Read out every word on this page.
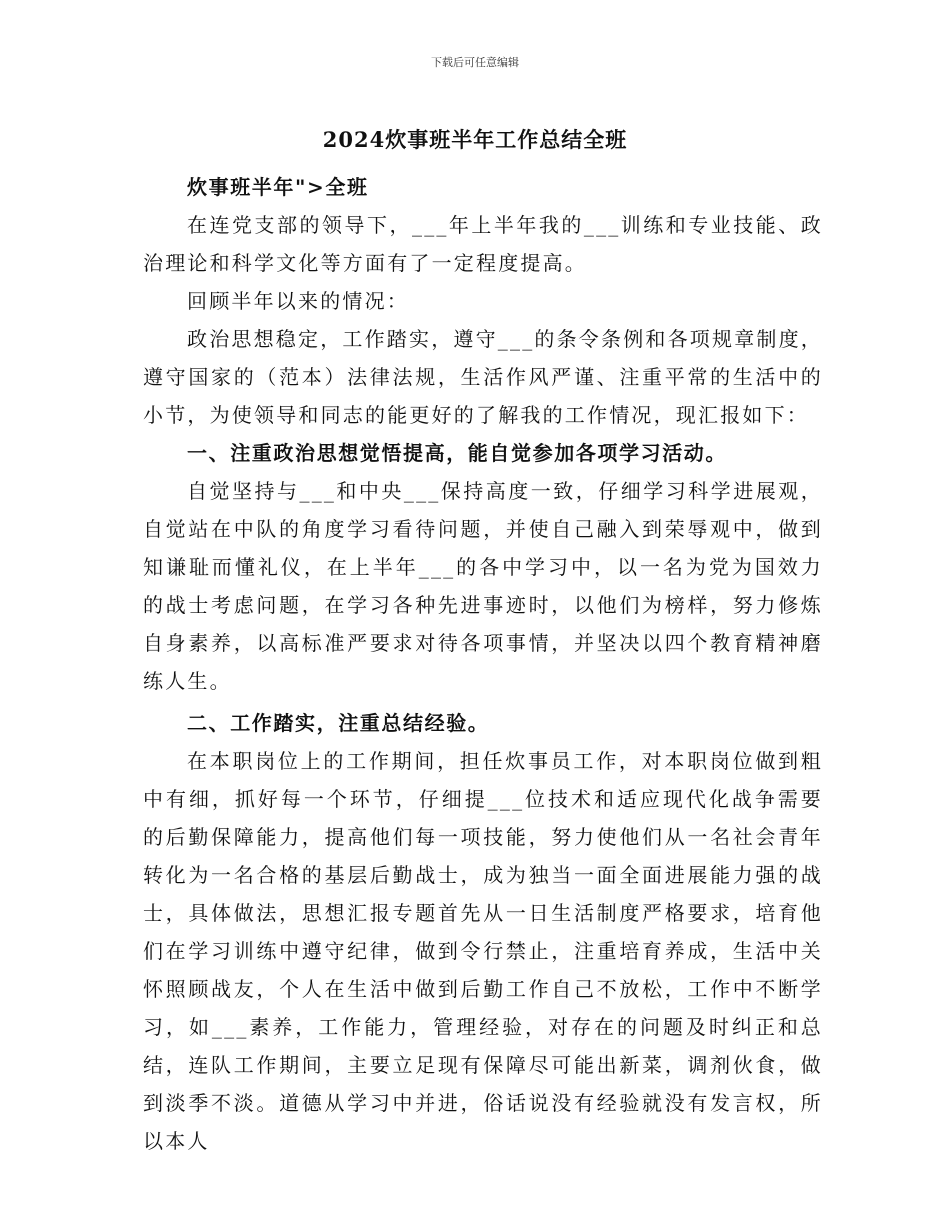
下载后可任意编辑
2024炊事班半年工作总结全班

炊事班半年">全班

在连党支部的领导下，___年上半年我的___训练和专业技能、政治理论和科学文化等方面有了一定程度提高。

回顾半年以来的情况：

政治思想稳定，工作踏实，遵守___的条令条例和各项规章制度，遵守国家的（范本）法律法规，生活作风严谨、注重平常的生活中的小节，为使领导和同志的能更好的了解我的工作情况，现汇报如下：

一、注重政治思想觉悟提高，能自觉参加各项学习活动。

自觉坚持与___和中央___保持高度一致，仔细学习科学进展观，自觉站在中队的角度学习看待问题，并使自己融入到荣辱观中，做到知谦耻而懂礼仪，在上半年___的各中学习中，以一名为党为国效力的战士考虑问题，在学习各种先进事迹时，以他们为榜样，努力修炼自身素养，以高标准严要求对待各项事情，并坚决以四个教育精神磨练人生。

二、工作踏实，注重总结经验。

在本职岗位上的工作期间，担任炊事员工作，对本职岗位做到粗中有细，抓好每一个环节，仔细提___位技术和适应现代化战争需要的后勤保障能力，提高他们每一项技能，努力使他们从一名社会青年转化为一名合格的基层后勤战士，成为独当一面全面进展能力强的战士，具体做法，思想汇报专题首先从一日生活制度严格要求，培育他们在学习训练中遵守纪律，做到令行禁止，注重培育养成，生活中关怀照顾战友，个人在生活中做到后勤工作自己不放松，工作中不断学习，如___素养，工作能力，管理经验，对存在的问题及时纠正和总结，连队工作期间，主要立足现有保障尽可能出新菜，调剂伙食，做到淡季不淡。道德从学习中并进，俗话说没有经验就没有发言权，所以本人
